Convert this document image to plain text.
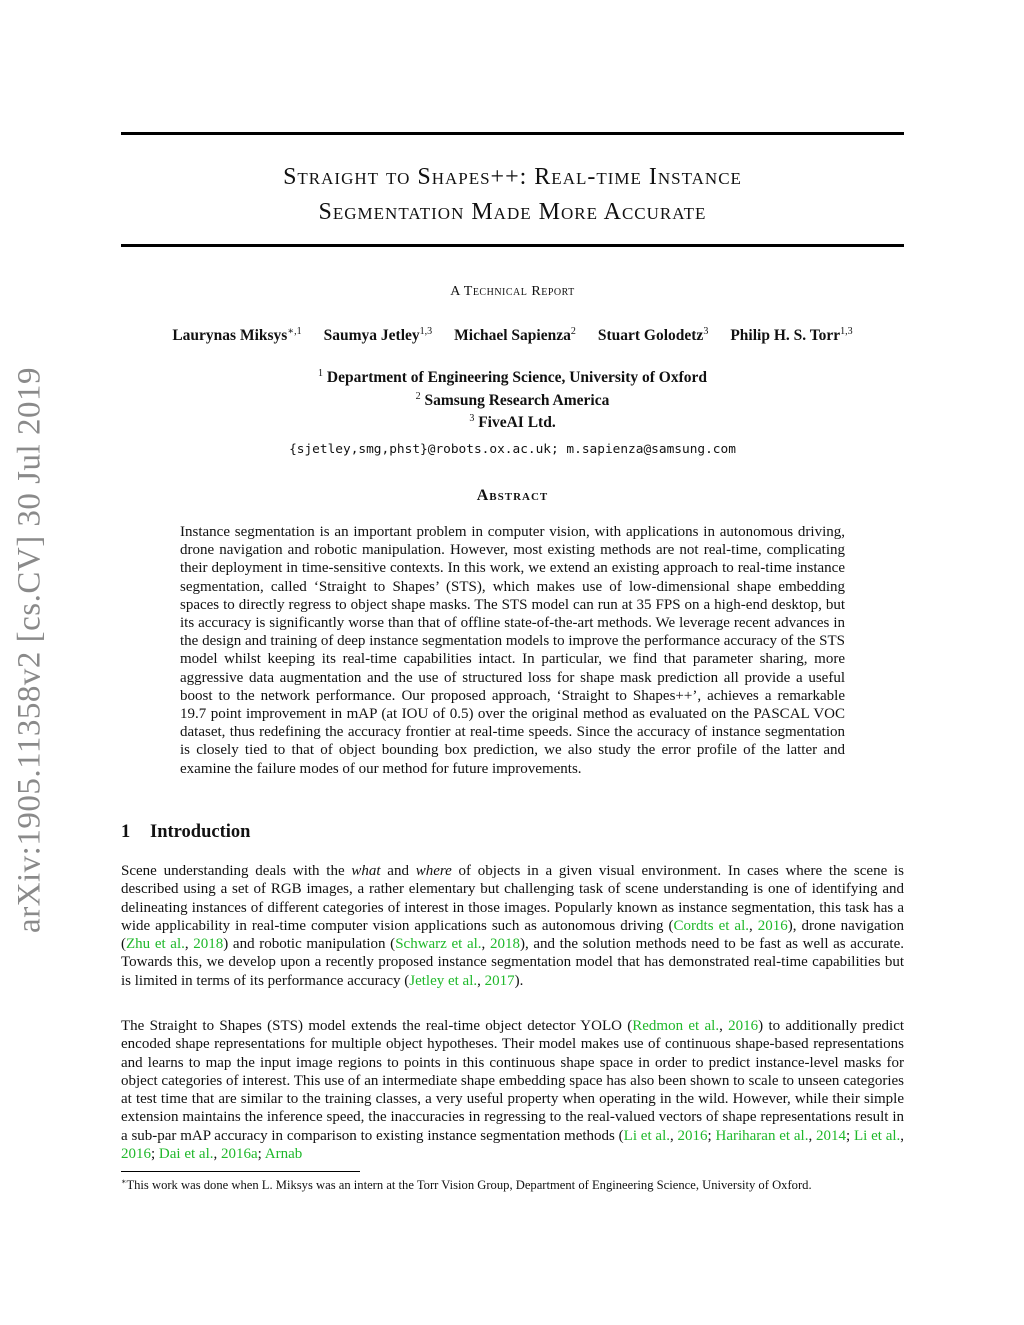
arXiv:1905.11358v2 [cs.CV] 30 Jul 2019
Straight to Shapes++: Real-time Instance
Segmentation Made More Accurate
A Technical Report
Laurynas Miksys$^{∗,1}$ Saumya Jetley$^{1,3}$ Michael Sapienza$^2$ Stuart Golodetz$^3$ Philip H. S. Torr$^{1,3}$
$^1$ Department of Engineering Science, University of Oxford
$^2$ Samsung Research America
$^3$ FiveAI Ltd.
{sjetley,smg,phst}@robots.ox.ac.uk; m.sapienza@samsung.com
Abstract
Instance segmentation is an important problem in computer vision, with applications in autonomous driving, drone navigation and robotic manipulation. However, most existing methods are not real-time, complicating their deployment in time-sensitive contexts. In this work, we extend an existing approach to real-time instance segmentation, called ‘Straight to Shapes’ (STS), which makes use of low-dimensional shape embedding spaces to directly regress to object shape masks. The STS model can run at 35 FPS on a high-end desktop, but its accuracy is significantly worse than that of offline state-of-the-art methods. We leverage recent advances in the design and training of deep instance segmentation models to improve the performance accuracy of the STS model whilst keeping its real-time capabilities intact. In particular, we find that parameter sharing, more aggressive data augmentation and the use of structured loss for shape mask prediction all provide a useful boost to the network performance. Our proposed approach, ‘Straight to Shapes++’, achieves a remarkable 19.7 point improvement in mAP (at IOU of 0.5) over the original method as evaluated on the PASCAL VOC dataset, thus redefining the accuracy frontier at real-time speeds. Since the accuracy of instance segmentation is closely tied to that of object bounding box prediction, we also study the error profile of the latter and examine the failure modes of our method for future improvements.
1 Introduction
Scene understanding deals with the what and where of objects in a given visual environment. In cases where the scene is described using a set of RGB images, a rather elementary but challenging task of scene understanding is one of identifying and delineating instances of different categories of interest in those images. Popularly known as instance segmentation, this task has a wide applicability in real-time computer vision applications such as autonomous driving (Cordts et al., 2016), drone navigation (Zhu et al., 2018) and robotic manipulation (Schwarz et al., 2018), and the solution methods need to be fast as well as accurate. Towards this, we develop upon a recently proposed instance segmentation model that has demonstrated real-time capabilities but is limited in terms of its performance accuracy (Jetley et al., 2017).
The Straight to Shapes (STS) model extends the real-time object detector YOLO (Redmon et al., 2016) to additionally predict encoded shape representations for multiple object hypotheses. Their model makes use of continuous shape-based representations and learns to map the input image regions to points in this continuous shape space in order to predict instance-level masks for object categories of interest. This use of an intermediate shape embedding space has also been shown to scale to unseen categories at test time that are similar to the training classes, a very useful property when operating in the wild. However, while their simple extension maintains the inference speed, the inaccuracies in regressing to the real-valued vectors of shape representations result in a sub-par mAP accuracy in comparison to existing instance segmentation methods (Li et al., 2016; Hariharan et al., 2014; Li et al., 2016; Dai et al., 2016a; Arnab
∗This work was done when L. Miksys was an intern at the Torr Vision Group, Department of Engineering Science, University of Oxford.
